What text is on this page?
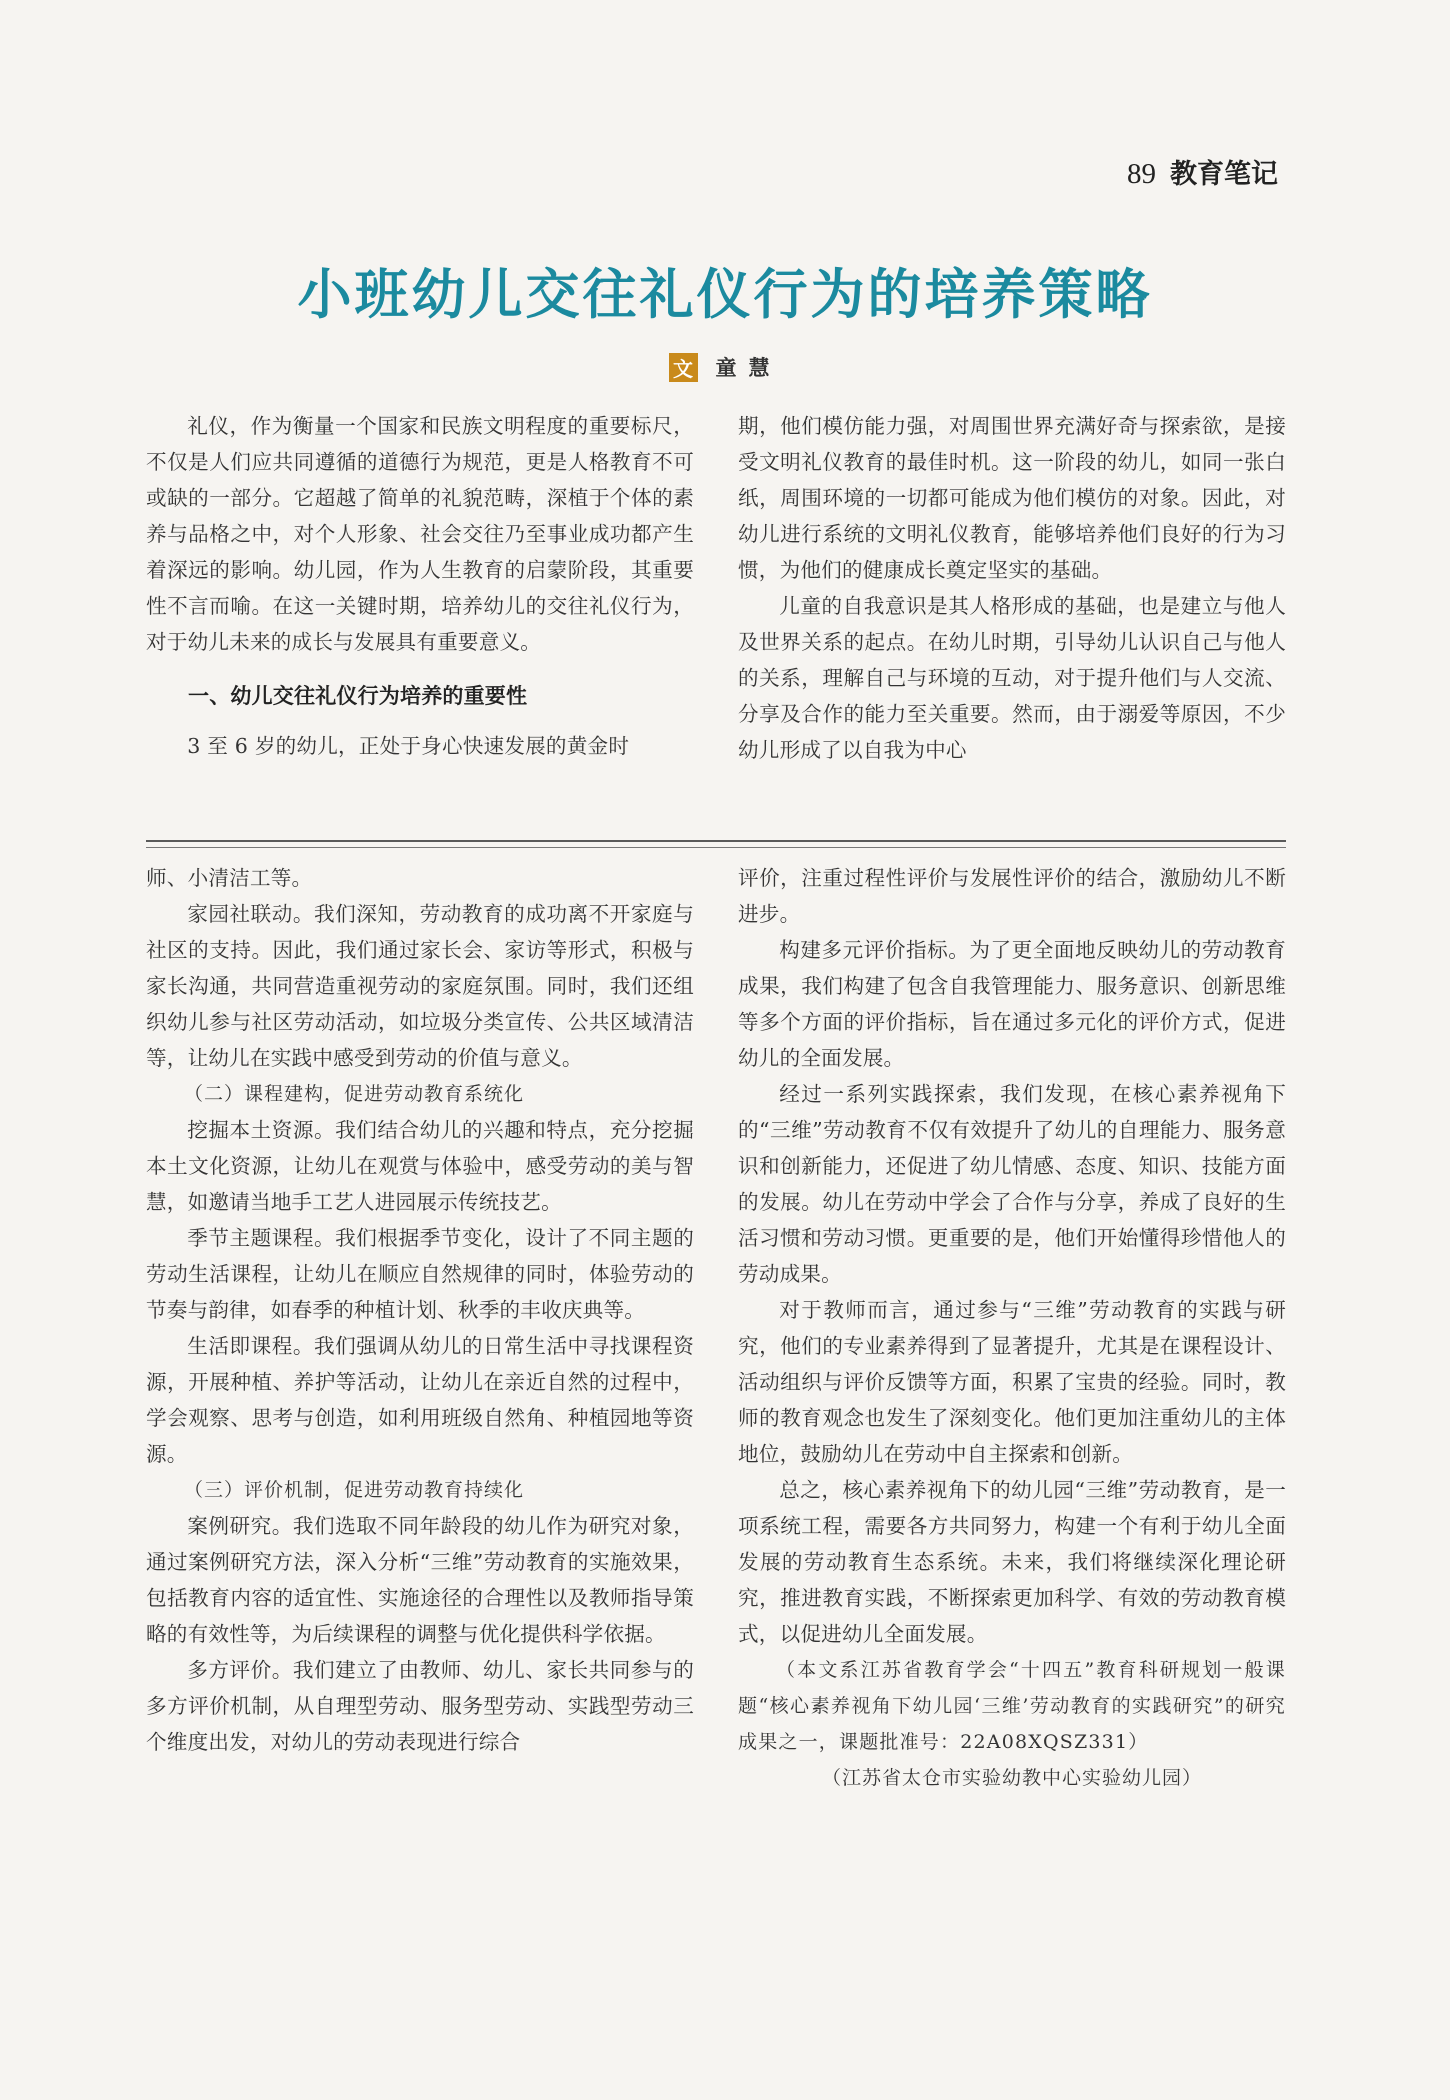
89 教育笔记
小班幼儿交往礼仪行为的培养策略
文 童慧

礼仪，作为衡量一个国家和民族文明程度的重要标尺，不仅是人们应共同遵循的道德行为规范，更是人格教育不可或缺的一部分。它超越了简单的礼貌范畴，深植于个体的素养与品格之中，对个人形象、社会交往乃至事业成功都产生着深远的影响。幼儿园，作为人生教育的启蒙阶段，其重要性不言而喻。在这一关键时期，培养幼儿的交往礼仪行为，对于幼儿未来的成长与发展具有重要意义。

一、幼儿交往礼仪行为培养的重要性

3 至 6 岁的幼儿，正处于身心快速发展的黄金时

期，他们模仿能力强，对周围世界充满好奇与探索欲，是接受文明礼仪教育的最佳时机。这一阶段的幼儿，如同一张白纸，周围环境的一切都可能成为他们模仿的对象。因此，对幼儿进行系统的文明礼仪教育，能够培养他们良好的行为习惯，为他们的健康成长奠定坚实的基础。

儿童的自我意识是其人格形成的基础，也是建立与他人及世界关系的起点。在幼儿时期，引导幼儿认识自己与他人的关系，理解自己与环境的互动，对于提升他们与人交流、分享及合作的能力至关重要。然而，由于溺爱等原因，不少幼儿形成了以自我为中心

师、小清洁工等。

家园社联动。我们深知，劳动教育的成功离不开家庭与社区的支持。因此，我们通过家长会、家访等形式，积极与家长沟通，共同营造重视劳动的家庭氛围。同时，我们还组织幼儿参与社区劳动活动，如垃圾分类宣传、公共区域清洁等，让幼儿在实践中感受到劳动的价值与意义。

（二）课程建构，促进劳动教育系统化

挖掘本土资源。我们结合幼儿的兴趣和特点，充分挖掘本土文化资源，让幼儿在观赏与体验中，感受劳动的美与智慧，如邀请当地手工艺人进园展示传统技艺。

季节主题课程。我们根据季节变化，设计了不同主题的劳动生活课程，让幼儿在顺应自然规律的同时，体验劳动的节奏与韵律，如春季的种植计划、秋季的丰收庆典等。

生活即课程。我们强调从幼儿的日常生活中寻找课程资源，开展种植、养护等活动，让幼儿在亲近自然的过程中，学会观察、思考与创造，如利用班级自然角、种植园地等资源。

（三）评价机制，促进劳动教育持续化

案例研究。我们选取不同年龄段的幼儿作为研究对象，通过案例研究方法，深入分析“三维”劳动教育的实施效果，包括教育内容的适宜性、实施途径的合理性以及教师指导策略的有效性等，为后续课程的调整与优化提供科学依据。

多方评价。我们建立了由教师、幼儿、家长共同参与的多方评价机制，从自理型劳动、服务型劳动、实践型劳动三个维度出发，对幼儿的劳动表现进行综合

评价，注重过程性评价与发展性评价的结合，激励幼儿不断进步。

构建多元评价指标。为了更全面地反映幼儿的劳动教育成果，我们构建了包含自我管理能力、服务意识、创新思维等多个方面的评价指标，旨在通过多元化的评价方式，促进幼儿的全面发展。

经过一系列实践探索，我们发现，在核心素养视角下的“三维”劳动教育不仅有效提升了幼儿的自理能力、服务意识和创新能力，还促进了幼儿情感、态度、知识、技能方面的发展。幼儿在劳动中学会了合作与分享，养成了良好的生活习惯和劳动习惯。更重要的是，他们开始懂得珍惜他人的劳动成果。

对于教师而言，通过参与“三维”劳动教育的实践与研究，他们的专业素养得到了显著提升，尤其是在课程设计、活动组织与评价反馈等方面，积累了宝贵的经验。同时，教师的教育观念也发生了深刻变化。他们更加注重幼儿的主体地位，鼓励幼儿在劳动中自主探索和创新。

总之，核心素养视角下的幼儿园“三维”劳动教育，是一项系统工程，需要各方共同努力，构建一个有利于幼儿全面发展的劳动教育生态系统。未来，我们将继续深化理论研究，推进教育实践，不断探索更加科学、有效的劳动教育模式，以促进幼儿全面发展。

（本文系江苏省教育学会“十四五”教育科研规划一般课题“核心素养视角下幼儿园‘三维’劳动教育的实践研究”的研究成果之一，课题批准号：22A08XQSZ331）

（江苏省太仓市实验幼教中心实验幼儿园）
